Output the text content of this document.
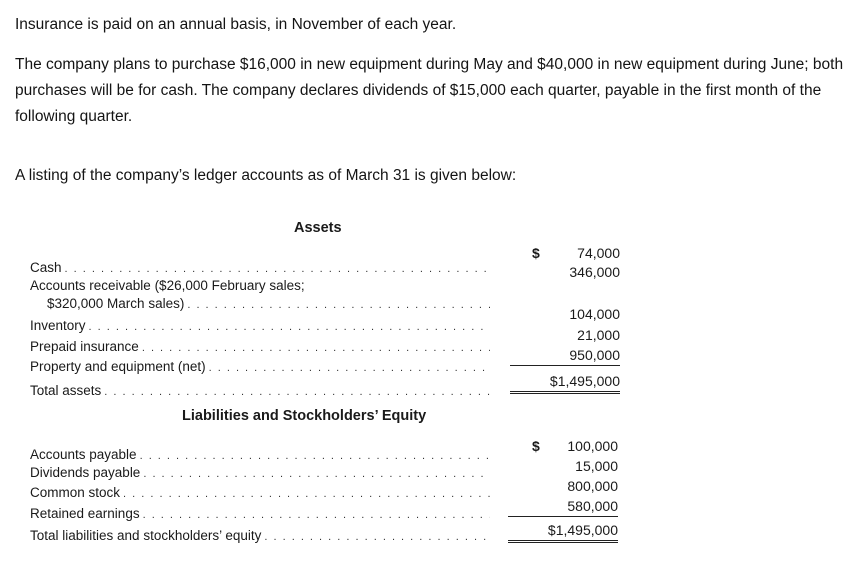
Insurance is paid on an annual basis, in November of each year.

The company plans to purchase $16,000 in new equipment during May and $40,000 in new equipment during June; both purchases will be for cash. The company declares dividends of $15,000 each quarter, payable in the first month of the following quarter.

A listing of the company’s ledger accounts as of March 31 is given below:

Assets
Cash . . .
Accounts receivable ($26,000 February sales;
$320,000 March sales) . . .
Inventory . . .
Prepaid insurance . . .
Property and equipment (net) . . .
Total assets . . .
$	74,000
346,000
104,000
21,000
950,000
$1,495,000
Liabilities and Stockholders’ Equity
Accounts payable . . .
Dividends payable . . .
Common stock . . .
Retained earnings . . .
Total liabilities and stockholders’ equity . . .
$	100,000
15,000
800,000
580,000
$1,495,000
